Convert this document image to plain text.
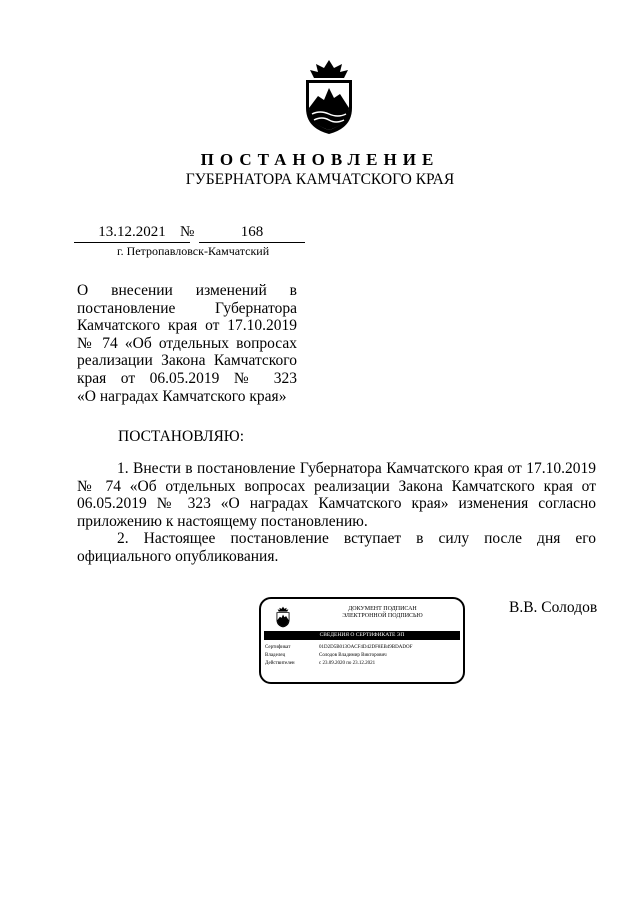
ПОСТАНОВЛЕНИЕ
ГУБЕРНАТОРА КАМЧАТСКОГО КРАЯ
13.12.2021 №	168
г. Петропавловск-Камчатский
О внесении изменений в
постановление Губернатора
Камчатского края от 17.10.2019
№ 74 «Об отдельных вопросах
реализации Закона Камчатского
края от 06.05.2019 № 323
«О наградах Камчатского края»
ПОСТАНОВЛЯЮ:

1. Внести в постановление Губернатора Камчатского края от 17.10.2019 № 74 «Об отдельных вопросах реализации Закона Камчатского края от 06.05.2019 № 323 «О наградах Камчатского края» изменения согласно приложению к настоящему постановлению.

2. Настоящее постановление вступает в силу после дня его официального опубликования.

ДОКУМЕНТ ПОДПИСАН
ЭЛЕКТРОННОЙ ПОДПИСЬЮ
СВЕДЕНИЯ О СЕРТИФИКАТЕ ЭП
Сертификат	01D2D5B013OACF4D42DF8EB49BDADOF
Владелец	Солодов Владимир Викторович
Действителен	с 23.09.2020 по 23.12.2021
В.В. Солодов
